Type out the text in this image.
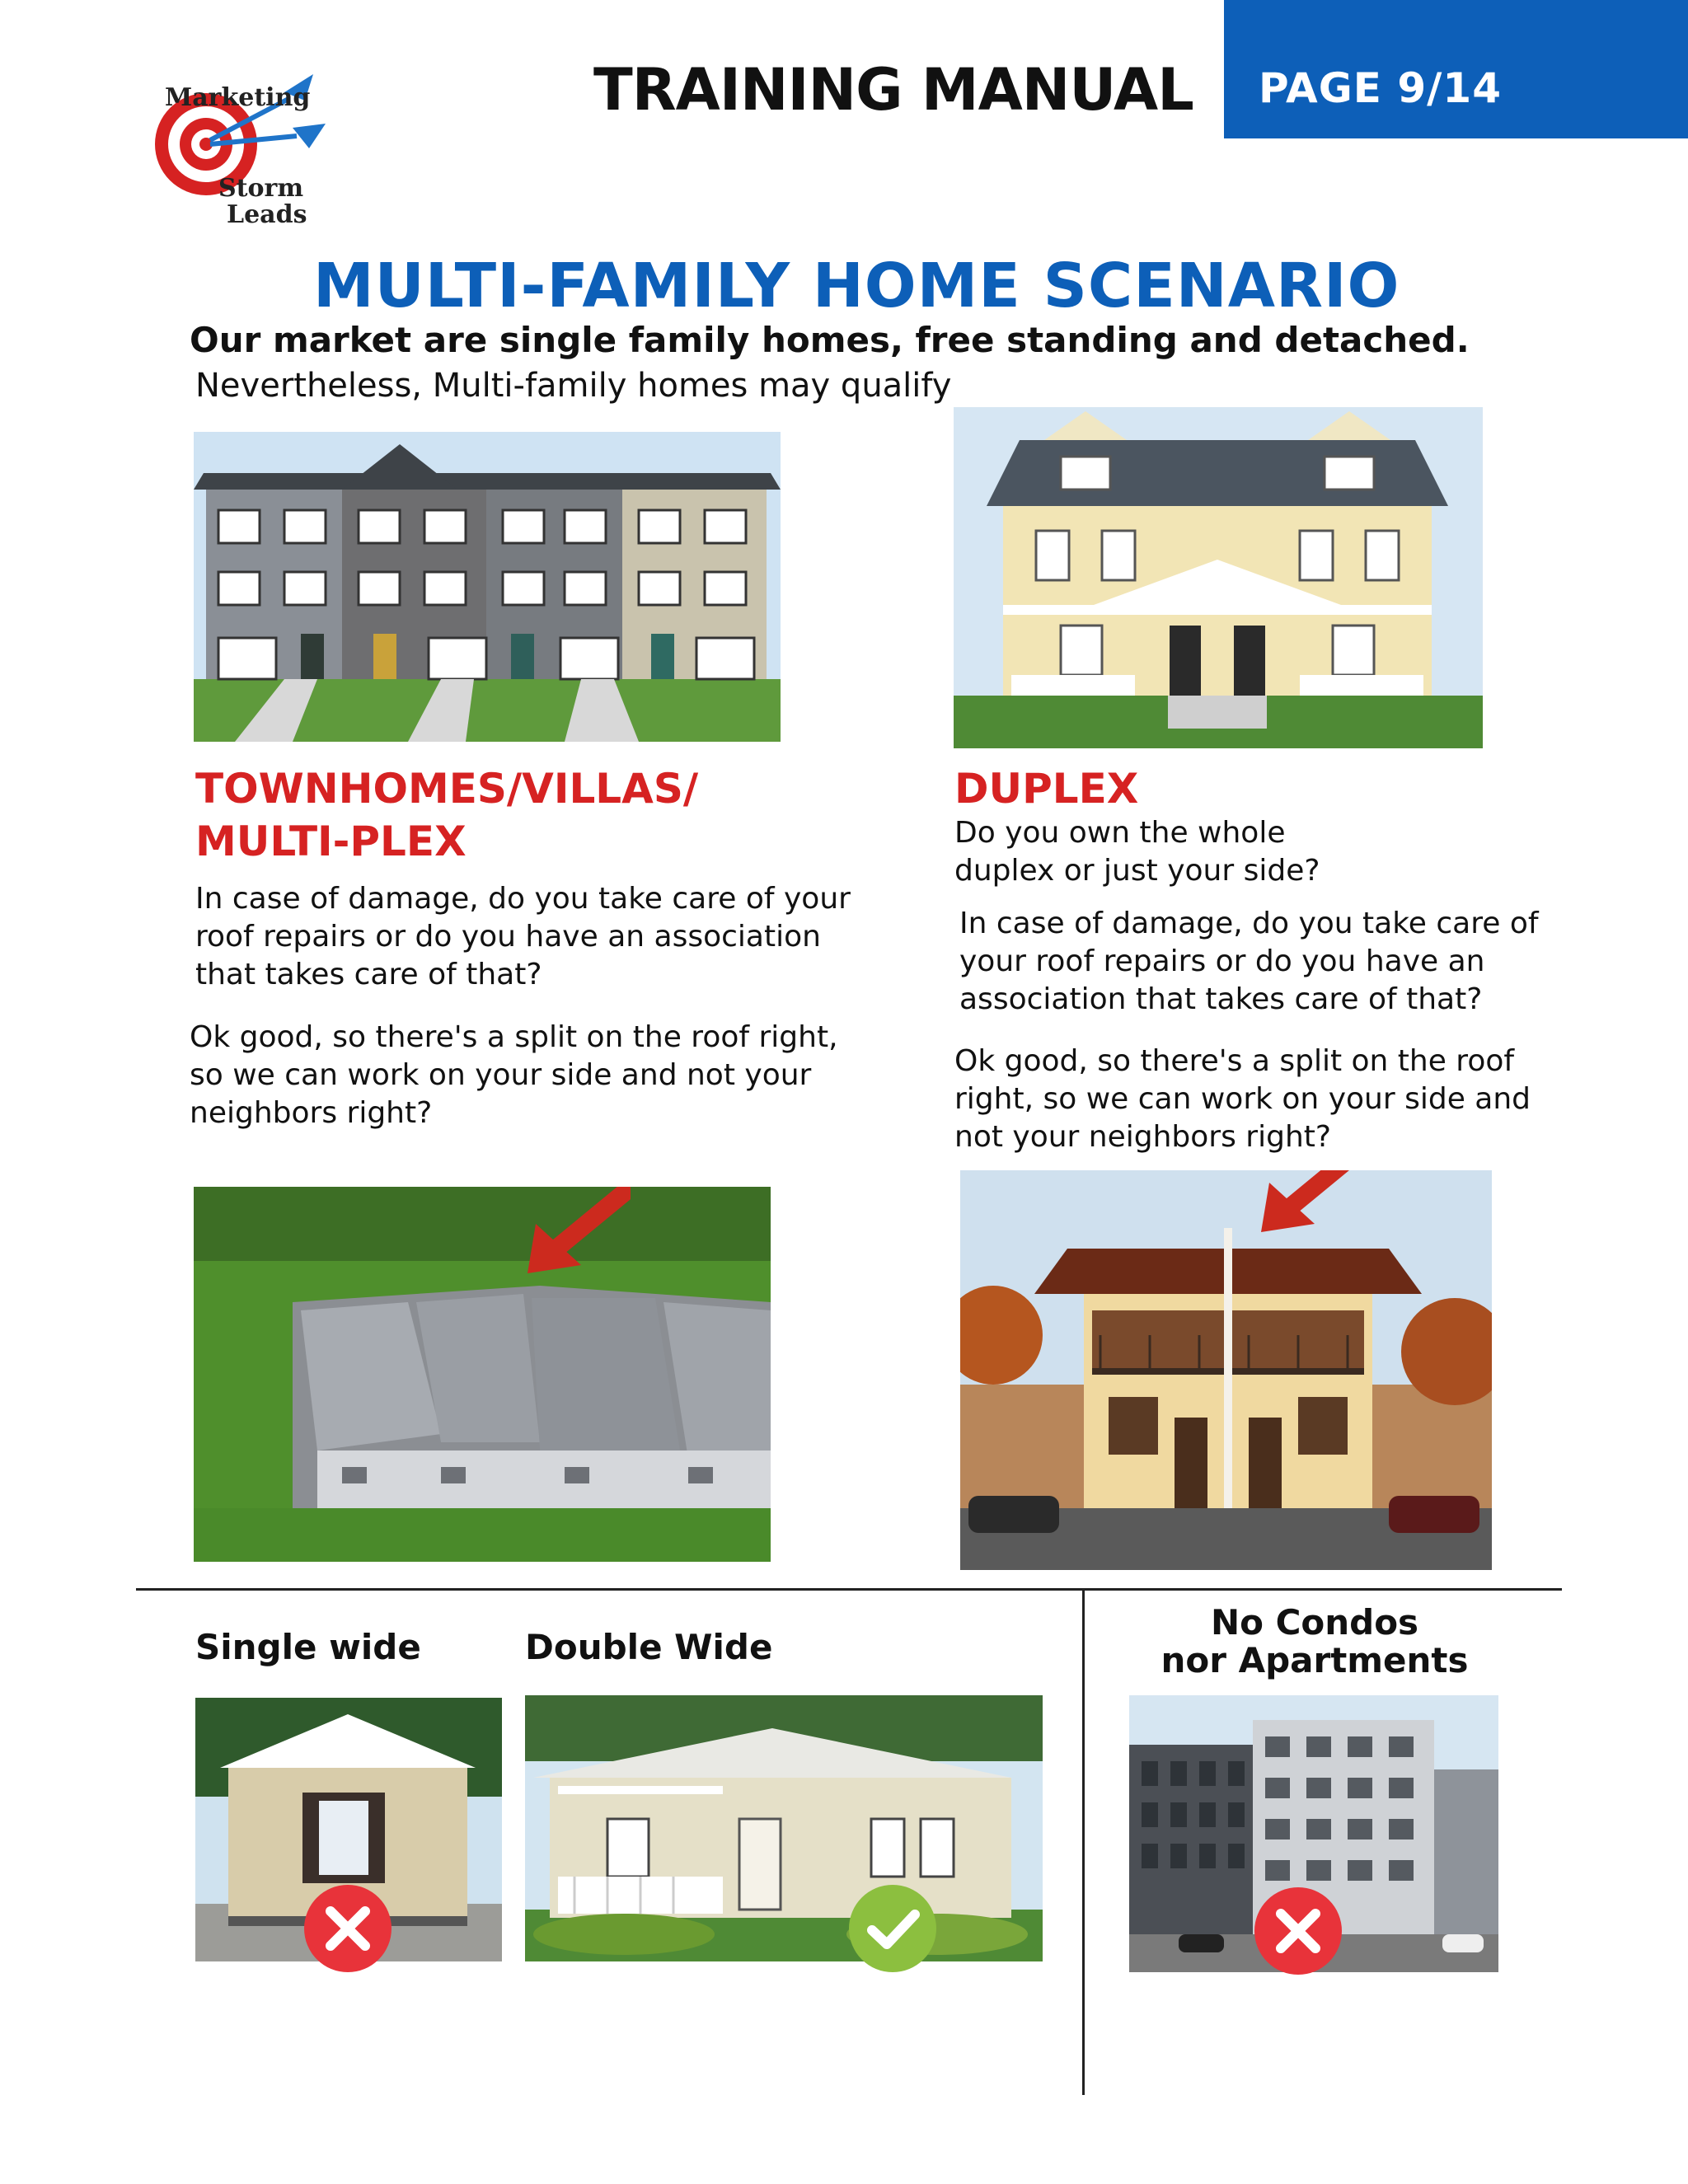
Marketing
Storm
Leads
TRAINING MANUAL	PAGE 9/14
MULTI-FAMILY HOME SCENARIO
Our market are single family homes, free standing and detached.
Nevertheless, Multi-family homes may qualify
TOWNHOMES/VILLAS/
MULTI-PLEX
In case of damage, do you take care of your
roof repairs or do you have an association
that takes care of that?
Ok good, so there's a split on the roof right,
so we can work on your side and not your
neighbors right?
DUPLEX
Do you own the whole
duplex or just your side?
In case of damage, do you take care of
your roof repairs or do you have an
association that takes care of that?
Ok good, so there's a split on the roof
right, so we can work on your side and
not your neighbors right?
Single wide	Double Wide
No Condos
nor Apartments
